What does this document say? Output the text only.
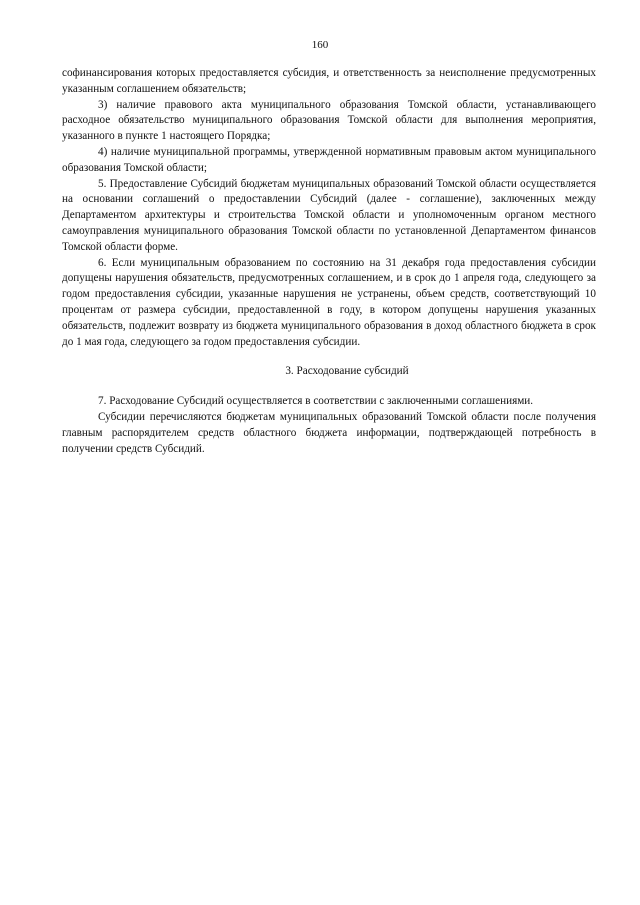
160

софинансирования которых предоставляется субсидия, и ответственность за неисполнение предусмотренных указанным соглашением обязательств;

3) наличие правового акта муниципального образования Томской области, устанавливающего расходное обязательство муниципального образования Томской области для выполнения мероприятия, указанного в пункте 1 настоящего Порядка;

4) наличие муниципальной программы, утвержденной нормативным правовым актом муниципального образования Томской области;

5. Предоставление Субсидий бюджетам муниципальных образований Томской области осуществляется на основании соглашений о предоставлении Субсидий (далее - соглашение), заключенных между Департаментом архитектуры и строительства Томской области и уполномоченным органом местного самоуправления муниципального образования Томской области по установленной Департаментом финансов Томской области форме.

6. Если муниципальным образованием по состоянию на 31 декабря года предоставления субсидии допущены нарушения обязательств, предусмотренных соглашением, и в срок до 1 апреля года, следующего за годом предоставления субсидии, указанные нарушения не устранены, объем средств, соответствующий 10 процентам от размера субсидии, предоставленной в году, в котором допущены нарушения указанных обязательств, подлежит возврату из бюджета муниципального образования в доход областного бюджета в срок до 1 мая года, следующего за годом предоставления субсидии.

3. Расходование субсидий

7. Расходование Субсидий осуществляется в соответствии с заключенными соглашениями.

Субсидии перечисляются бюджетам муниципальных образований Томской области после получения главным распорядителем средств областного бюджета информации, подтверждающей потребность в получении средств Субсидий.
